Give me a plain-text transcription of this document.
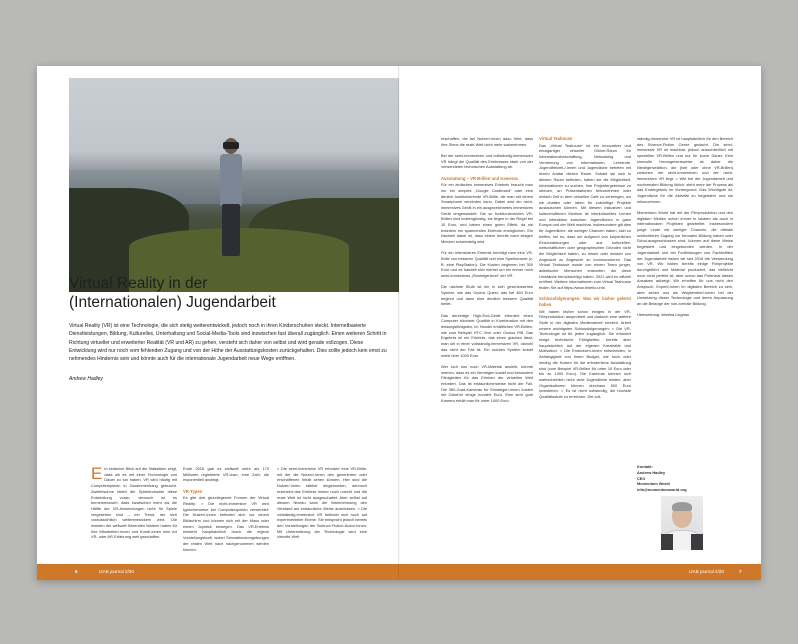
Virtual Reality in der
(Internationalen) Jugendarbeit

Virtual Reality (VR) ist eine Technologie, die sich stetig weiterentwickelt, jedoch noch in ihren Kinderschuhen steckt. Internetbasierte Dienstleistungen, Bildung, Kulturelles, Unterhaltung und Social-Media-Tools sind inzwischen fast überall zugänglich. Einen weiteren Schritt in Richtung virtueller und erweiterter Realität (VR und AR) zu gehen, versteht sich daher von selbst und wird gerade vollzogen. Diese Entwicklung wird nur noch vom fehlenden Zugang und von der Höhe der Ausstattungskosten zurückgehalten. Dies sollte jedoch kein emst zu nehmendes Hindernis sein und könnte auch für die internationale Jugendarbeit neue Wege eröffnen.

Andrew Hadley

Ein einfacher Blick auf die Statistiken zeigt, dass wir es mit einer Technologie von Dauer zu tun haben. VR wird häufig mit Computerspielen in Zusammenhang gebracht. Zweifelsohne bleibt die Spieleindustrie diese Entwicklung voran, dennoch ist es bemerkenswert, dass inzwischen mehr als die Hälfte der VR-Anwendungen nicht für Spiele vergesehen sind – ein Trend, der sich voraussichtlich weiterentwickeln wird. Die meisten der weltweit führenden Marken haben für ihre Mitarbeiter/-innen und Kund/-innen eine Art VR- oder AR-Erfahrung weit geschaffen.

Ende 2018 gab es weltweit mehr als 170 Millionen registrierte VR-User, eine Zahl, die exponentiell ansteigt.

VR-Typen

Es gibt drei grundlegende Formen der Virtual Reality: > Die nicht-immersive VR wird typischerweise bei Computerspielen verwendet: Die Nutzer/-innen befinden sich vor einem Bildschirm und können sich mit der Maus oder einem Joystick bewegen. Das VR-Erlebnis entsteht hauptsächlich durch die eigene Vorstellungskraft, wobei Simulationsumgebungen der realen Welt nach nachgenommen werden können.

> Die semi-immersive VR erfordert eine VR-Brille, mit der die Nutzer/-innen den generierten oder erschaffenen Inhalt sehen können. Hier sind die Nutzer/-innen stärker eingebunden, dennoch erscheint das Erlebnis immer noch unecht und die reale Welt ist nicht ausgeschaltet. Aber selbst auf diesem Niveau kann die Wahrnehmung den Verstand auf erstaunliche Weise austricksen. > Die vollständig-immersive VR befindet sich noch auf experimenteller Ebene. Sie entspricht jedoch bereits den Vorstellungen der Science-Fiction-Autor/-innen: Mit Unterstützung der Technologie wird eine virtuelle Welt

6	IJAB journal 2/20

erschaffen, die bei Nutzer/-innen dazu führt, dass ihre Sinne die reale Welt nicht mehr wahrnehmen.

Bei der semi-immersiven und vollständig-immersiven VR hängt die Qualität des Erlebnisses stark von der verwendeten technischen Ausstattung ab.

Ausstattung – VR-Brillen und Kameras

Für ein einfaches immersives Erlebnis braucht man nur ein simples „Google Cardboard“ oder eine ähnlich funktionierende VR-Brille, die man mit einem Smartphone verbinden kann. Dabei wird ein nicht-immersives Gerät in ein ausgezeichnetes immersives Gerät umgewandelt. Die so funktionierenden VR-Brillen sind kostengünstig, sie liegen in der Regel bei 10 Euro, und haben einen guten Effekt, da sie trotzdem ein spannendes Erlebnis ermöglichen. Ein Nachteil dabei ist, dass einem bereits nach einigen Minuten schwindelig wird.

Für ein intensiveres Erlebnis benötigt man eine VR-Brille von besserer Qualität und eine Spielkonsole (z. B. eine PlayStation). Die Kosten beginnen bei 300 Euro und es handelt sich hierbei um ein immer noch semi-immersives „Einsteigerlevel“ der VR.

Die nächste Stufe ist ein in sich geschlossenes System, wie das Oculus Quest, das bei 460 Euro beginnt und dann eine deutlich bessere Qualität bietet.

Das derzeitige High-End-Gerät erfordert einen Computer höchster Qualität in Kombination mit den leistungsfähigsten, im Handel erhältlichen VR-Brillen, wie zum Beispiel HTC Vive oder Oculus Rift. Das Ergebnis ist ein Erlebnis, das einen glauben lässt, man sei in einer vollständig-immersiven VR, obwohl das nicht der Fall ist. Ein solches System kostet meist über 1000 Euro.

Wer sich nun noch VR-Material ansieht, könnte meinen, dass es ein Vermögen kostet und besondere Fähigkeiten für das Erleben der virtuellen Welt erfordert. Das ist erstaunlicherweise nicht der Fall. Die 360-Grad-Kameras für Einsteiger/-innen kosten mit Zubehör einige hundert Euro. Eine sehr gute Kamera erhält man für unter 1000 Euro.

Virtual Teahouse

Das „Virtual Teahouse“ ist ein innovativer und einzigartiger virtueller Online-Raum für Informationsbeschaffung, Networking und Vernetzung von Informationen. Lehrende, Jugendfreizeit-/-innen und Jugendliche betreten mit einem Avatar diesen Raum. Sobald sie sich in diesem Raum befinden, haben sie die Möglichkeit, Informationen zu suchen, ihre Projektergebnisse zu streuen, an Präsentationen teilzunehmen oder einfach Zeit in dem virtuellen Café zu verbringen, wo sie chatten oder Ideen für zukünftige Projekte austauschen können. Mit diesem inklusiven und kulturenoffenen Medium ist interkulturelles Lernen und Interaktion zwischen Jugendlichen in ganz Europa und der Welt machbar. Insbesondere gilt dies für Jugendliche, die weniger Chancen haben, sich zu treffen, sei es, dass sie aufgrund von körperlichen Einschränkungen oder aus kulturellen, wirtschaftlichen oder geographischen Gründen nicht die Möglichkeit haben, zu reisen oder einfach von Angesicht zu Angesicht zu kommunizieren. Das Virtual Teahouse wurde von einem Team junger, autistischer Menschen entworfen, die diese Umstände berücksichtigt haben. 2021 wird es offiziell eröffnet. Weitere Informationen zum Virtual Teahouse finden Sie auf https://www.timefoo.info

Schlussfolgerungen: Was wir bisher gelernt haben

Wir haben bisher schon einiges in der VR-Filmproduktion ausprobiert und dadurch eine weitere Stufe in der digitalen Medienarbeit erreicht. Arbeit unsere wichtigsten Schlussfolgerungen: > Die VR-Technologie ist für jeden zugänglich. Sie erfordert einige technische Fähigkeiten, bereits aber hauptsächlich auf der eigenen Kreativität und Motivation. > Die Endnutzer/-innen entscheiden, in Abhängigkeit von ihrem Budget, wie hoch oder niedrig die Kosten für die erforderliche Ausstattung sind (zum Beispiel VR-Brillen für unter 10 Euro oder bis zu 1000 Euro). Die Kameras können sich wahrscheinlich nicht viele Jugendliche leisten, aber Organisationen können durchaus 500 Euro investieren. > Es ist nicht notwendig, die höchste Qualitätsstufe zu erreichen. Die voll-

ständig-immersive VR ist hauptsächlich für den Bereich des Science-Fiction Genre gedacht. Die semi-immersive VR ist machbar, jedoch ausschließlich mit speziellen VR-Brillen und nur für kurze Dauer. Eine sinnvolle Herangehensweise ist daher die Niedriginvestition, die (heit oder ohne VR-Brillen) zwischen der semi-immersiven und der nicht-immersiven VR liegt. > Wie bei der Jugendarbeit und nonformalen Bildung üblich, steht mehr der Prozess als das Endergebnis im Vordergrund. Das Wichtigste ist, Jugendliche für die Aktivität zu begeistern und sie mitzunehmen.

Momentum World hat mit der Filmproduktion und den digitalen Medien schon immer in lokalen als auch in internationalen Projekten gearbeitet. Insbesondere junge Leute mit weniger Chancen, die oftmals schlechteren Zugang zur formalen Bildung haben oder Schul-ausgeschlossen sind, können auf diese Weise begeistert und eingebunden werden. In der Jugendarbeit und bei Fortbildungen von Fachkräften der Jugendarbeit haben wir seit 2018 die Verwendung von VR. Wir haben bereits einige Filmprojekte durchgeführt und Material produziert, das vielleicht noch nicht perfekt ist, aber schon das Potenzial dieses Ansatzes aufzeigt. Wir erhoffen für uns nicht den Anspruch, Expert/-innen im digitalen Bereich zu sein, aber sehen uns als Wegbereiter/-innen bei der Umsetzung dieser Technologie und deren Anpassung an die Belange der non-formale Bildung.

Übersetzung: Martina Lingnau

Kontakt:
Andrew Hadley
CEO
Momentum World
info@momentumworld.org
IJAB journal 2/20	7
